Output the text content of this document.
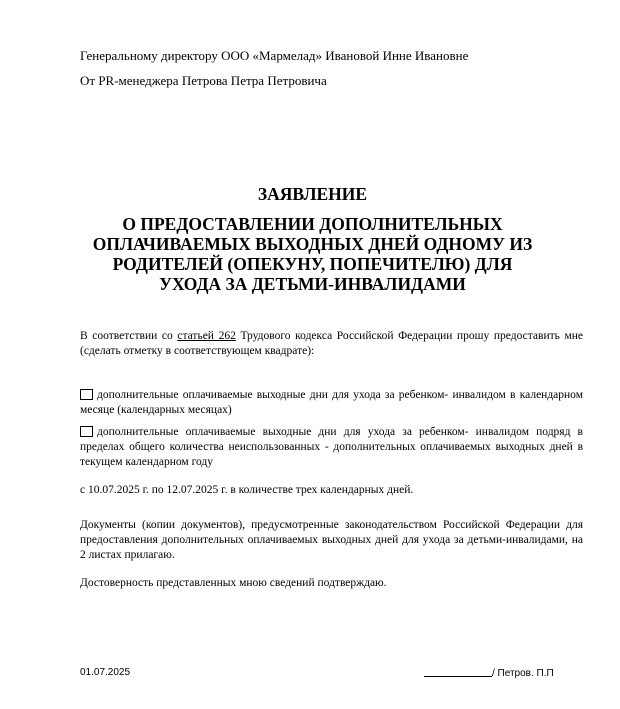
Генеральному директору ООО «Мармелад» Ивановой Инне Ивановне
От PR-менеджера Петрова Петра Петровича
ЗАЯВЛЕНИЕ
О ПРЕДОСТАВЛЕНИИ ДОПОЛНИТЕЛЬНЫХ
ОПЛАЧИВАЕМЫХ ВЫХОДНЫХ ДНЕЙ ОДНОМУ ИЗ
РОДИТЕЛЕЙ (ОПЕКУНУ, ПОПЕЧИТЕЛЮ) ДЛЯ
УХОДА ЗА ДЕТЬМИ-ИНВАЛИДАМИ
В соответствии со статьей 262 Трудового кодекса Российской Федерации прошу предоставить мне (сделать отметку в соответствующем квадрате):
дополнительные оплачиваемые выходные дни для ухода за ребенком- инвалидом в календарном месяце (календарных месяцах)
дополнительные оплачиваемые выходные дни для ухода за ребенком- инвалидом подряд в пределах общего количества неиспользованных - дополнительных оплачиваемых выходных дней в текущем календарном году
с 10.07.2025 г. по 12.07.2025 г. в количестве трех календарных дней.
Документы (копии документов), предусмотренные законодательством Российской Федерации для предоставления дополнительных оплачиваемых выходных дней для ухода за детьми-инвалидами, на 2 листах прилагаю.
Достоверность представленных мною сведений подтверждаю.
01.07.2025	/ Петров. П.П
